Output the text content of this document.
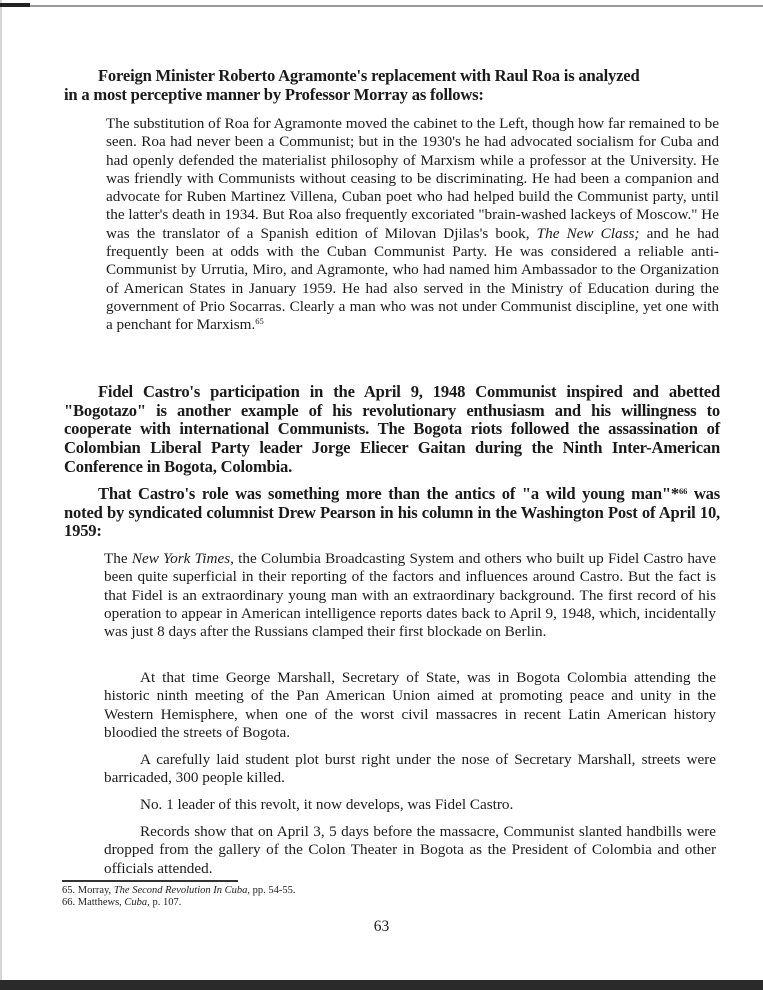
Foreign Minister Roberto Agramonte's replacement with Raul Roa is analyzed
in a most perceptive manner by Professor Morray as follows:

The substitution of Roa for Agramonte moved the cabinet to the Left, though how far remained to be seen. Roa had never been a Communist; but in the 1930's he had advocated socialism for Cuba and had openly defended the materialist philosophy of Marxism while a professor at the University. He was friendly with Communists without ceasing to be discriminating. He had been a companion and advocate for Ruben Martinez Villena, Cuban poet who had helped build the Communist party, until the latter's death in 1934. But Roa also frequently excoriated "brain-washed lackeys of Moscow." He was the translator of a Spanish edition of Milovan Djilas's book, The New Class; and he had frequently been at odds with the Cuban Communist Party. He was considered a reliable anti-Communist by Urrutia, Miro, and Agramonte, who had named him Ambassador to the Organization of American States in January 1959. He had also served in the Ministry of Education during the government of Prio Socarras. Clearly a man who was not under Communist discipline, yet one with a penchant for Marxism.$^{65}$

Fidel Castro's participation in the April 9, 1948 Communist inspired and abetted "Bogotazo" is another example of his revolutionary enthusiasm and his willingness to cooperate with international Communists. The Bogota riots followed the assassination of Colombian Liberal Party leader Jorge Eliecer Gaitan during the Ninth Inter-American Conference in Bogota, Colombia.

That Castro's role was something more than the antics of "a wild young man"*$^{66}$ was noted by syndicated columnist Drew Pearson in his column in the Washington Post of April 10, 1959:

The New York Times, the Columbia Broadcasting System and others who built up Fidel Castro have been quite superficial in their reporting of the factors and influences around Castro. But the fact is that Fidel is an extraordinary young man with an extraordinary background. The first record of his operation to appear in American intelligence reports dates back to April 9, 1948, which, incidentally was just 8 days after the Russians clamped their first blockade on Berlin.

At that time George Marshall, Secretary of State, was in Bogota Colombia attending the historic ninth meeting of the Pan American Union aimed at promoting peace and unity in the Western Hemisphere, when one of the worst civil massacres in recent Latin American history bloodied the streets of Bogota.

A carefully laid student plot burst right under the nose of Secretary Marshall, streets were barricaded, 300 people killed.

No. 1 leader of this revolt, it now develops, was Fidel Castro.

Records show that on April 3, 5 days before the massacre, Communist slanted handbills were dropped from the gallery of the Colon Theater in Bogota as the President of Colombia and other officials attended.

65. Morray, The Second Revolution In Cuba, pp. 54-55.
66. Matthews, Cuba, p. 107.
63
